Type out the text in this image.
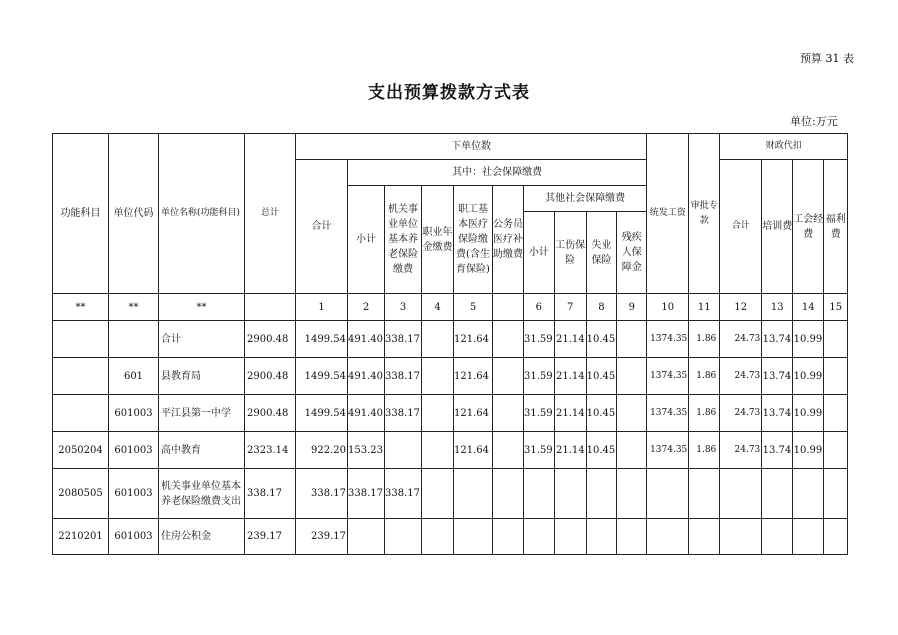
预算 31 表
支出预算拨款方式表
单位:万元
功能科目	单位代码	单位名称(功能科目)	总计	下单位数										统发工资	审批专款	财政代扣			
				合计	其中：社会保障缴费											合计	培训费	工会经费	福利费
					小计	机关事业单位基本养老保险缴费	职业年金缴费	职工基本医疗保险缴费(含生育保险)	公务员医疗补助缴费	其他社会保障缴费									
										小计	工伤保险	失业保险	残疾人保障金						
**	**	**		1	2	3	4	5		6	7	8	9	10	11	12	13	14	15
		合计	2900.48	1499.54	491.40	338.17		121.64		31.59	21.14	10.45		1374.35	1.86	24.73	13.74	10.99	
	601	县教育局	2900.48	1499.54	491.40	338.17		121.64		31.59	21.14	10.45		1374.35	1.86	24.73	13.74	10.99	
	601003	平江县第一中学	2900.48	1499.54	491.40	338.17		121.64		31.59	21.14	10.45		1374.35	1.86	24.73	13.74	10.99	
2050204	601003	高中教育	2323.14	922.20	153.23			121.64		31.59	21.14	10.45		1374.35	1.86	24.73	13.74	10.99	
2080505	601003	机关事业单位基本养老保险缴费支出	338.17	338.17	338.17	338.17													
2210201	601003	住房公积金	239.17	239.17															
